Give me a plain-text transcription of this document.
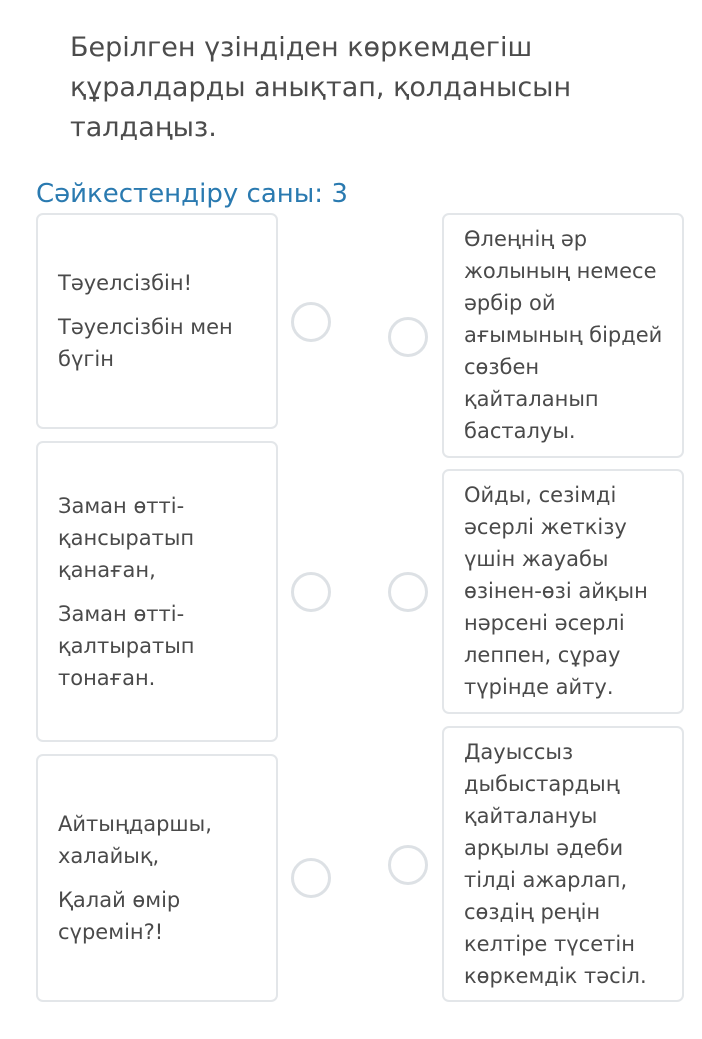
Берілген үзіндіден көркемдегіш
құралдарды анықтап, қолданысын
талдаңыз.
Сәйкестендіру саны: 3

Тәуелсізбін!

Тәуелсізбін мен бүгін

Заман өтті-қансыратып қанаған,

Заман өтті-қалтыратып тонаған.

Айтыңдаршы, халайық,

Қалай өмір сүремін?!

Өлеңнің әр жолының немесе әрбір ой ағымының бірдей сөзбен қайталанып басталуы.

Ойды, сезімді әсерлі жеткізу үшін жауабы өзінен-өзі айқын нәрсені әсерлі леппен, сұрау түрінде айту.

Дауыссыз дыбыстардың қайталануы арқылы әдеби тілді ажарлап, сөздің реңін келтіре түсетін көркемдік тәсіл.
